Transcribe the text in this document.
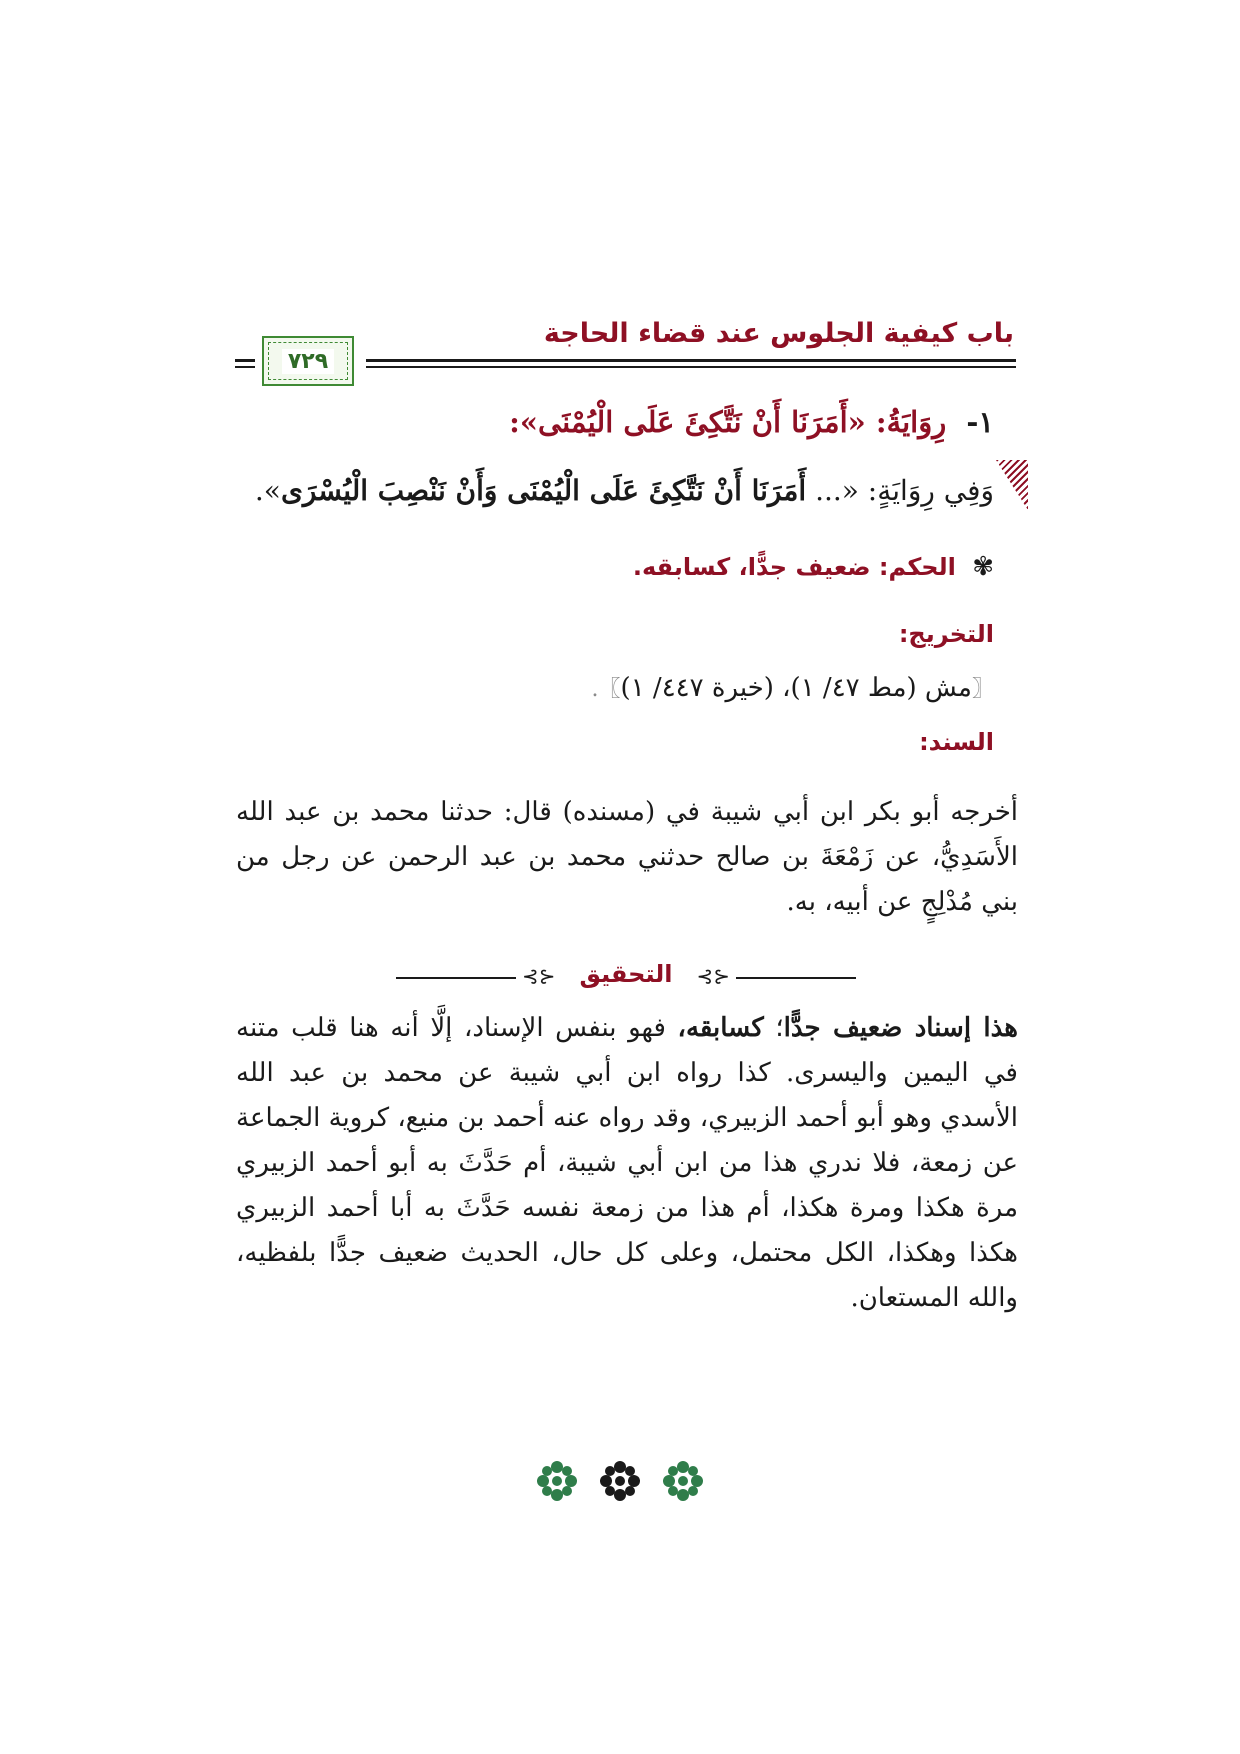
باب كيفية الجلوس عند قضاء الحاجة
٧٢٩
١- رِوَايَةُ: «أَمَرَنَا أَنْ نَتَّكِئَ عَلَى الْيُمْنَى»:
وَفِي رِوَايَةٍ: «... أَمَرَنَا أَنْ نَتَّكِئَ عَلَى الْيُمْنَى وَأَنْ نَنْصِبَ الْيُسْرَى».
✾ الحكم: ضعيف جدًّا، كسابقه.
التخريج:
〖مش (مط ٤٧/ ١)، (خيرة ٤٤٧/ ١)〗.
السند:
أخرجه أبو بكر ابن أبي شيبة في (مسنده) قال: حدثنا محمد بن عبد الله الأَسَدِيُّ، عن زَمْعَةَ بن صالح حدثني محمد بن عبد الرحمن عن رجل من بني مُدْلِجٍ عن أبيه، به.
⊰⊱	⊰⊱
التحقيق
هذا إسناد ضعيف جدًّا؛ كسابقه، فهو بنفس الإسناد، إلَّا أنه هنا قلب متنه في اليمين واليسرى. كذا رواه ابن أبي شيبة عن محمد بن عبد الله الأسدي وهو أبو أحمد الزبيري، وقد رواه عنه أحمد بن منيع، كروية الجماعة عن زمعة، فلا ندري هذا من ابن أبي شيبة، أم حَدَّثَ به أبو أحمد الزبيري مرة هكذا ومرة هكذا، أم هذا من زمعة نفسه حَدَّثَ به أبا أحمد الزبيري هكذا وهكذا، الكل محتمل، وعلى كل حال، الحديث ضعيف جدًّا بلفظيه، والله المستعان.
